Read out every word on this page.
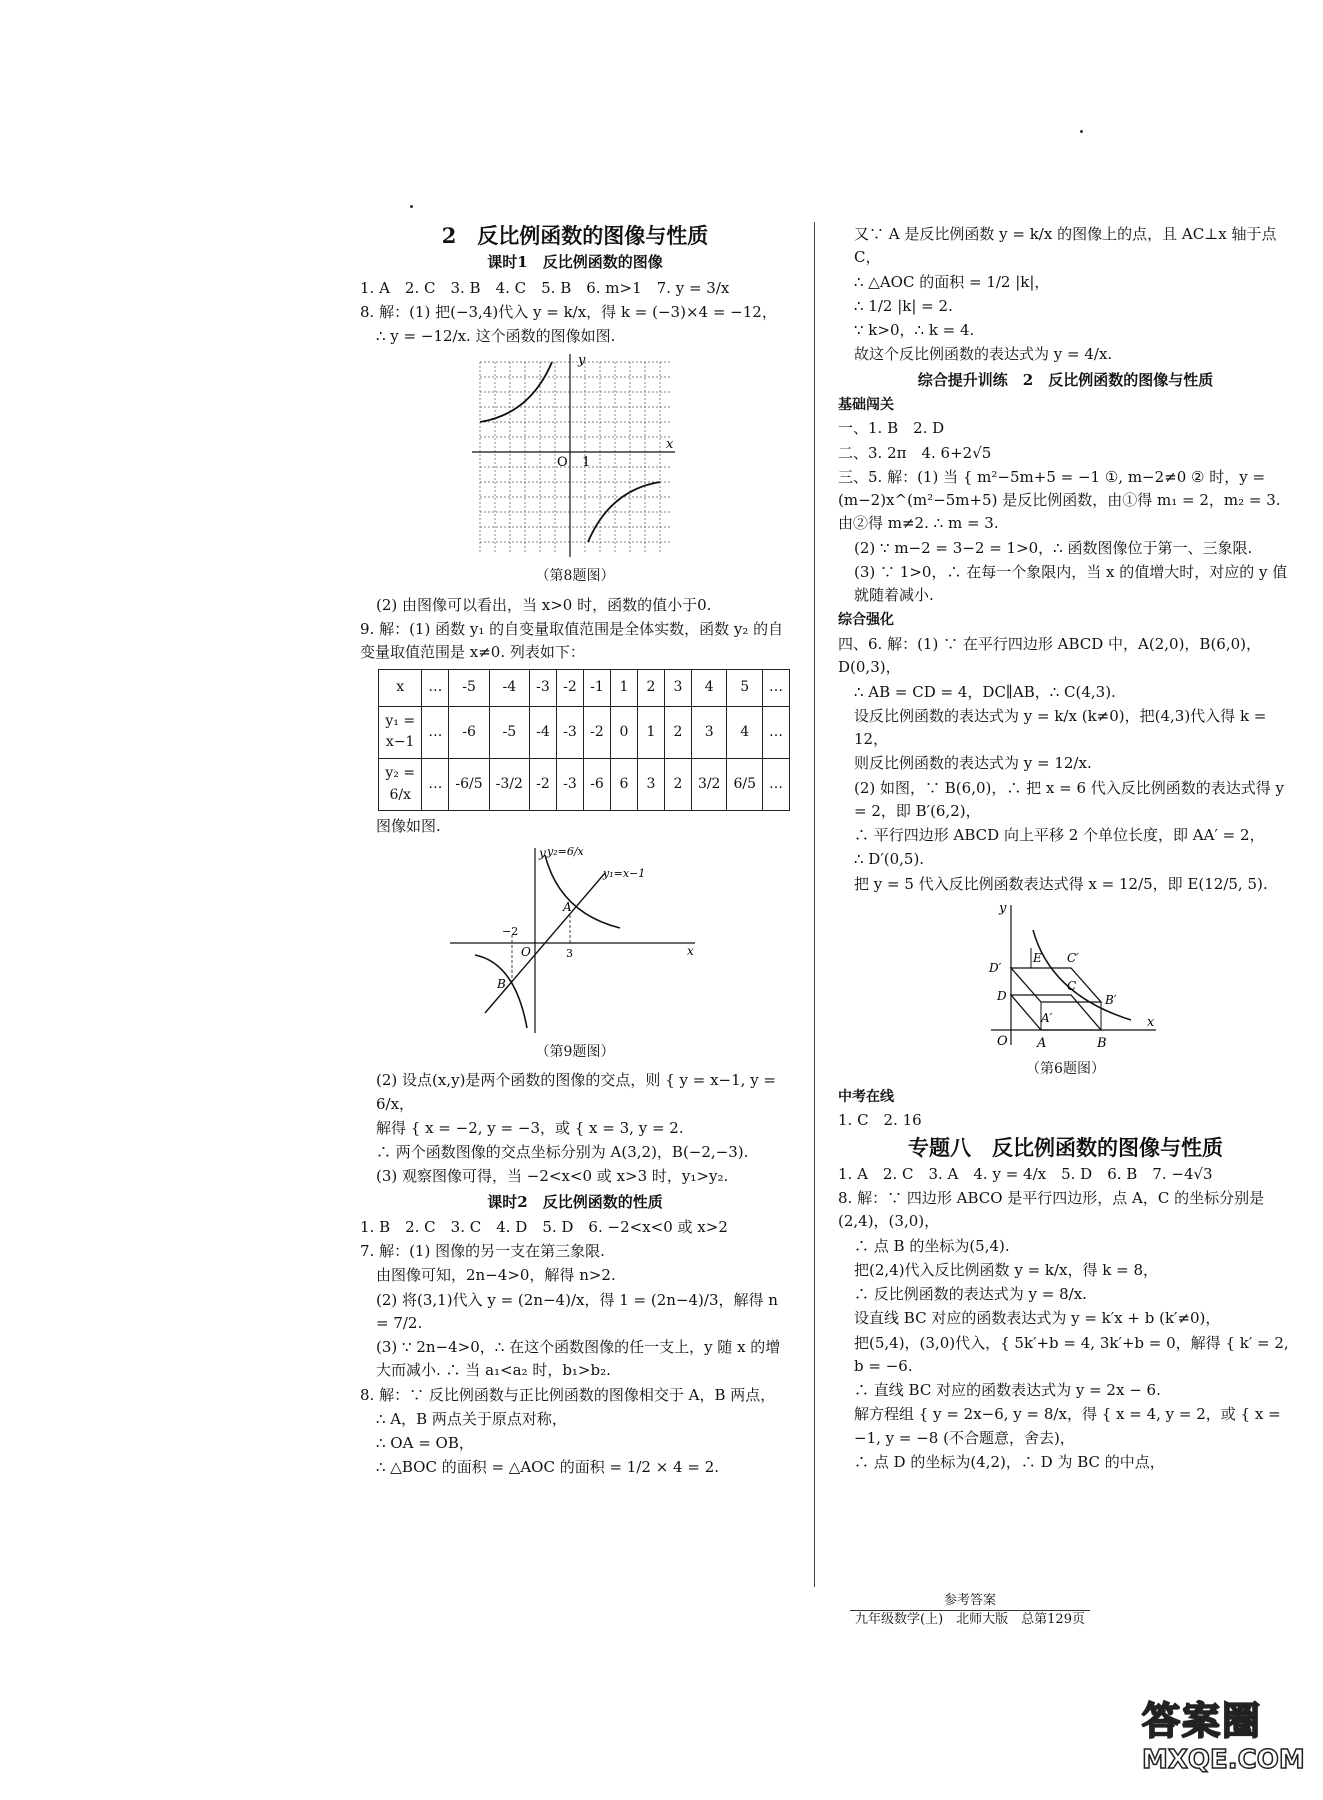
2　反比例函数的图像与性质
课时1　反比例函数的图像

1. A　2. C　3. B　4. C　5. B　6. m>1　7. y = 3/x

8. 解：(1) 把(−3,4)代入 y = k/x，得 k = (−3)×4 = −12，

∴ y = −12/x. 这个函数的图像如图.

y
x
O 1

（第8题图）

(2) 由图像可以看出，当 x>0 时，函数的值小于0.

9. 解：(1) 函数 y₁ 的自变量取值范围是全体实数，函数 y₂ 的自变量取值范围是 x≠0. 列表如下：

x	…	-5	-4	-3	-2	-1	1	2	3	4	5	…
y₁ = x−1	…	-6	-5	-4	-3	-2	0	1	2	3	4	…
y₂ = 6/x	…	-6/5	-3/2	-2	-3	-6	6	3	2	3/2	6/5	…

图像如图.

y y₂=6/x
y₁=x−1
A
B
O
−2
3	x

（第9题图）

(2) 设点(x,y)是两个函数的图像的交点，则 { y = x−1, y = 6/x，

解得 { x = −2, y = −3，或 { x = 3, y = 2.

∴ 两个函数图像的交点坐标分别为 A(3,2)，B(−2,−3).

(3) 观察图像可得，当 −2<x<0 或 x>3 时，y₁>y₂.

课时2　反比例函数的性质

1. B　2. C　3. C　4. D　5. D　6. −2<x<0 或 x>2

7. 解：(1) 图像的另一支在第三象限.

由图像可知，2n−4>0，解得 n>2.

(2) 将(3,1)代入 y = (2n−4)/x，得 1 = (2n−4)/3，解得 n = 7/2.

(3) ∵ 2n−4>0，∴ 在这个函数图像的任一支上，y 随 x 的增大而减小. ∴ 当 a₁<a₂ 时，b₁>b₂.

8. 解：∵ 反比例函数与正比例函数的图像相交于 A，B 两点，

∴ A，B 两点关于原点对称，

∴ OA = OB，

∴ △BOC 的面积 = △AOC 的面积 = 1/2 × 4 = 2.

又∵ A 是反比例函数 y = k/x 的图像上的点，且 AC⊥x 轴于点 C，

∴ △AOC 的面积 = 1/2 |k|，

∴ 1/2 |k| = 2.

∵ k>0，∴ k = 4.

故这个反比例函数的表达式为 y = 4/x.

综合提升训练　2　反比例函数的图像与性质

基础闯关

一、1. B　2. D

二、3. 2π　4. 6+2√5

三、5. 解：(1) 当 { m²−5m+5 = −1 ①, m−2≠0 ② 时，y = (m−2)x^(m²−5m+5) 是反比例函数，由①得 m₁ = 2，m₂ = 3. 由②得 m≠2. ∴ m = 3.

(2) ∵ m−2 = 3−2 = 1>0，∴ 函数图像位于第一、三象限.

(3) ∵ 1>0，∴ 在每一个象限内，当 x 的值增大时，对应的 y 值就随着减小.

综合强化

四、6. 解：(1) ∵ 在平行四边形 ABCD 中，A(2,0)，B(6,0)，D(0,3)，

∴ AB = CD = 4，DC∥AB，∴ C(4,3).

设反比例函数的表达式为 y = k/x (k≠0)，把(4,3)代入得 k = 12，

则反比例函数的表达式为 y = 12/x.

(2) 如图，∵ B(6,0)，∴ 把 x = 6 代入反比例函数的表达式得 y = 2，即 B′(6,2)，

∴ 平行四边形 ABCD 向上平移 2 个单位长度，即 AA′ = 2，

∴ D′(0,5).

把 y = 5 代入反比例函数表达式得 x = 12/5，即 E(12/5, 5).

y
x
O A	B
A′
B′
C
C′
D
D′
E

（第6题图）

中考在线

1. C　2. 16

专题八　反比例函数的图像与性质

1. A　2. C　3. A　4. y = 4/x　5. D　6. B　7. −4√3

8. 解：∵ 四边形 ABCO 是平行四边形，点 A，C 的坐标分别是 (2,4)，(3,0)，

∴ 点 B 的坐标为(5,4).

把(2,4)代入反比例函数 y = k/x，得 k = 8，

∴ 反比例函数的表达式为 y = 8/x.

设直线 BC 对应的函数表达式为 y = k′x + b (k′≠0)，

把(5,4)，(3,0)代入，{ 5k′+b = 4, 3k′+b = 0，解得 { k′ = 2, b = −6.

∴ 直线 BC 对应的函数表达式为 y = 2x − 6.

解方程组 { y = 2x−6, y = 8/x，得 { x = 4, y = 2，或 { x = −1, y = −8 (不合题意，舍去)，

∴ 点 D 的坐标为(4,2)，∴ D 为 BC 的中点，

参考答案
九年级数学(上)　北师大版　总第129页
答案圈
MXQE.COM
